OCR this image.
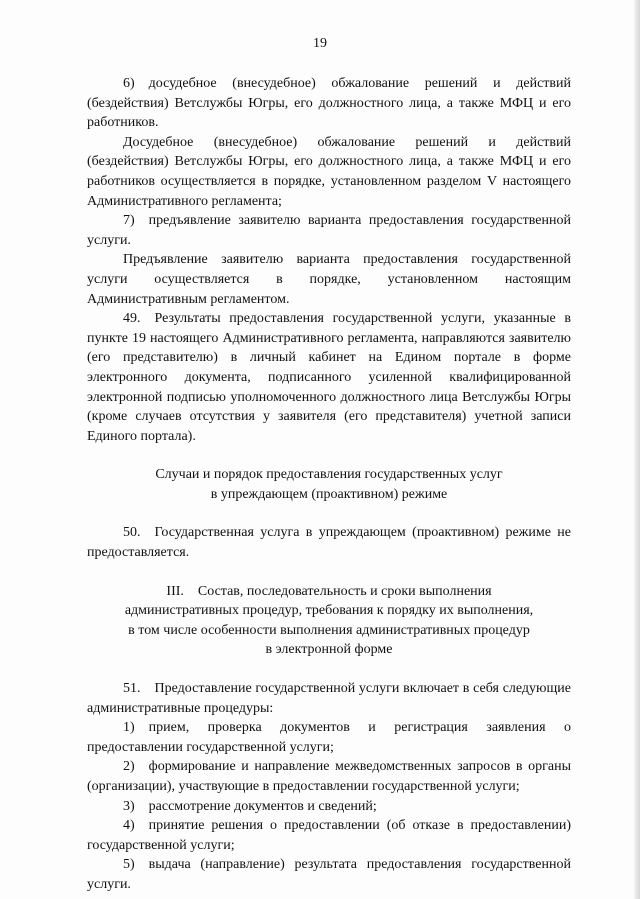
19

6) досудебное (внесудебное) обжалование решений и действий (бездействия) Ветслужбы Югры, его должностного лица, а также МФЦ и его работников.

Досудебное (внесудебное) обжалование решений и действий (бездействия) Ветслужбы Югры, его должностного лица, а также МФЦ и его работников осуществляется в порядке, установленном разделом V настоящего Административного регламента;

7) предъявление заявителю варианта предоставления государственной услуги.

Предъявление заявителю варианта предоставления государственной услуги осуществляется в порядке, установленном настоящим Административным регламентом.

49. Результаты предоставления государственной услуги, указанные в пункте 19 настоящего Административного регламента, направляются заявителю (его представителю) в личный кабинет на Едином портале в форме электронного документа, подписанного усиленной квалифицированной электронной подписью уполномоченного должностного лица Ветслужбы Югры (кроме случаев отсутствия у заявителя (его представителя) учетной записи Единого портала).

Случаи и порядок предоставления государственных услуг

в упреждающем (проактивном) режиме

50. Государственная услуга в упреждающем (проактивном) режиме не предоставляется.

III. Состав, последовательность и сроки выполнения

административных процедур, требования к порядку их выполнения,

в том числе особенности выполнения административных процедур

в электронной форме

51. Предоставление государственной услуги включает в себя следующие административные процедуры:

1) прием, проверка документов и регистрация заявления о предоставлении государственной услуги;

2) формирование и направление межведомственных запросов в органы (организации), участвующие в предоставлении государственной услуги;

3) рассмотрение документов и сведений;

4) принятие решения о предоставлении (об отказе в предоставлении) государственной услуги;

5) выдача (направление) результата предоставления государственной услуги.
